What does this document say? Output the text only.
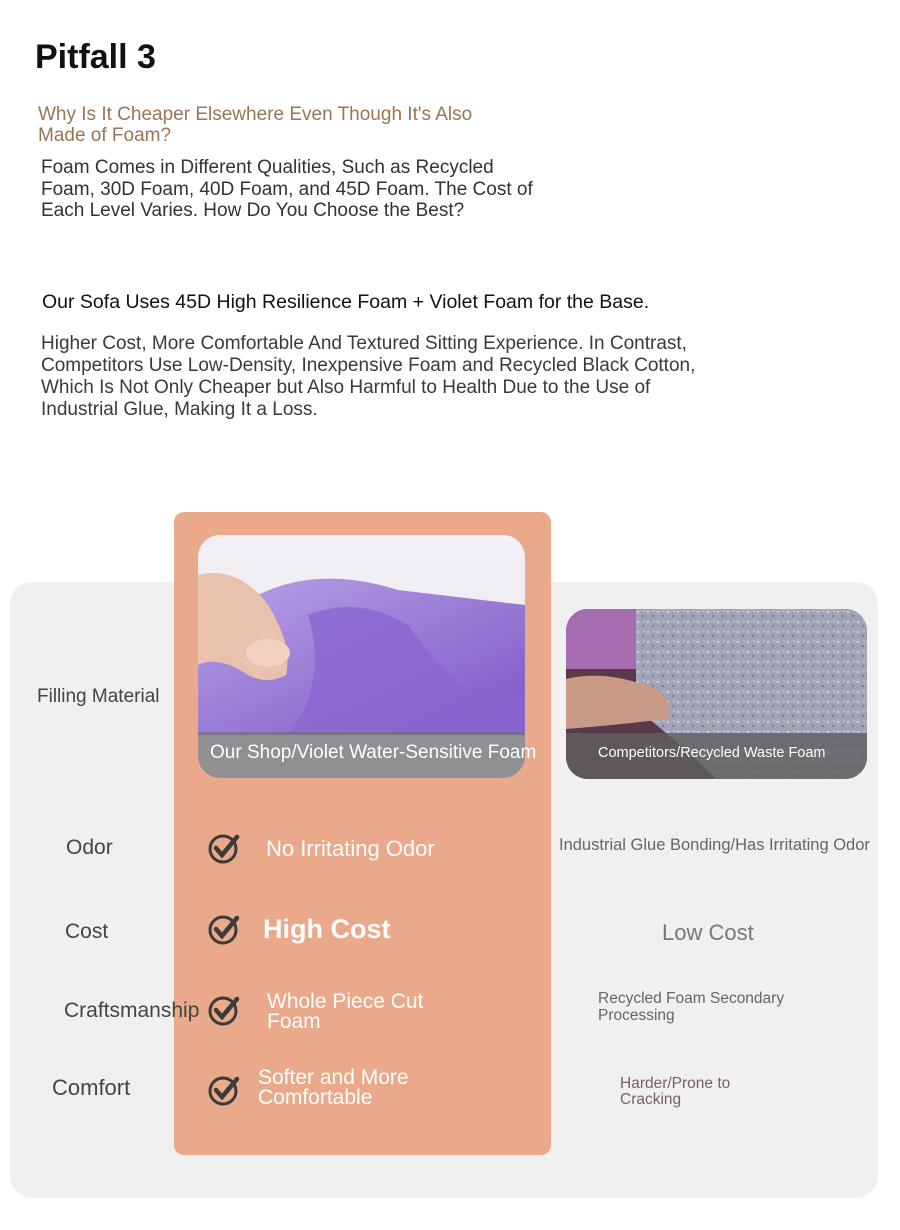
Pitfall 3
Why Is It Cheaper Elsewhere Even Though It's Also Made of Foam?
Foam Comes in Different Qualities, Such as Recycled Foam, 30D Foam, 40D Foam, and 45D Foam. The Cost of Each Level Varies. How Do You Choose the Best?
Our Sofa Uses 45D High Resilience Foam + Violet Foam for the Base.
Higher Cost, More Comfortable And Textured Sitting Experience. In Contrast, Competitors Use Low-Density, Inexpensive Foam and Recycled Black Cotton, Which Is Not Only Cheaper but Also Harmful to Health Due to the Use of Industrial Glue, Making It a Loss.
Our Shop/Violet Water-Sensitive Foam	Competitors/Recycled Waste Foam
Filling Material
Odor
Cost
Craftsmanship
Comfort
No Irritating Odor
High Cost
Whole Piece Cut Foam
Softer and More Comfortable
Industrial Glue Bonding/Has Irritating Odor
Low Cost
Recycled Foam Secondary Processing
Harder/Prone to Cracking
